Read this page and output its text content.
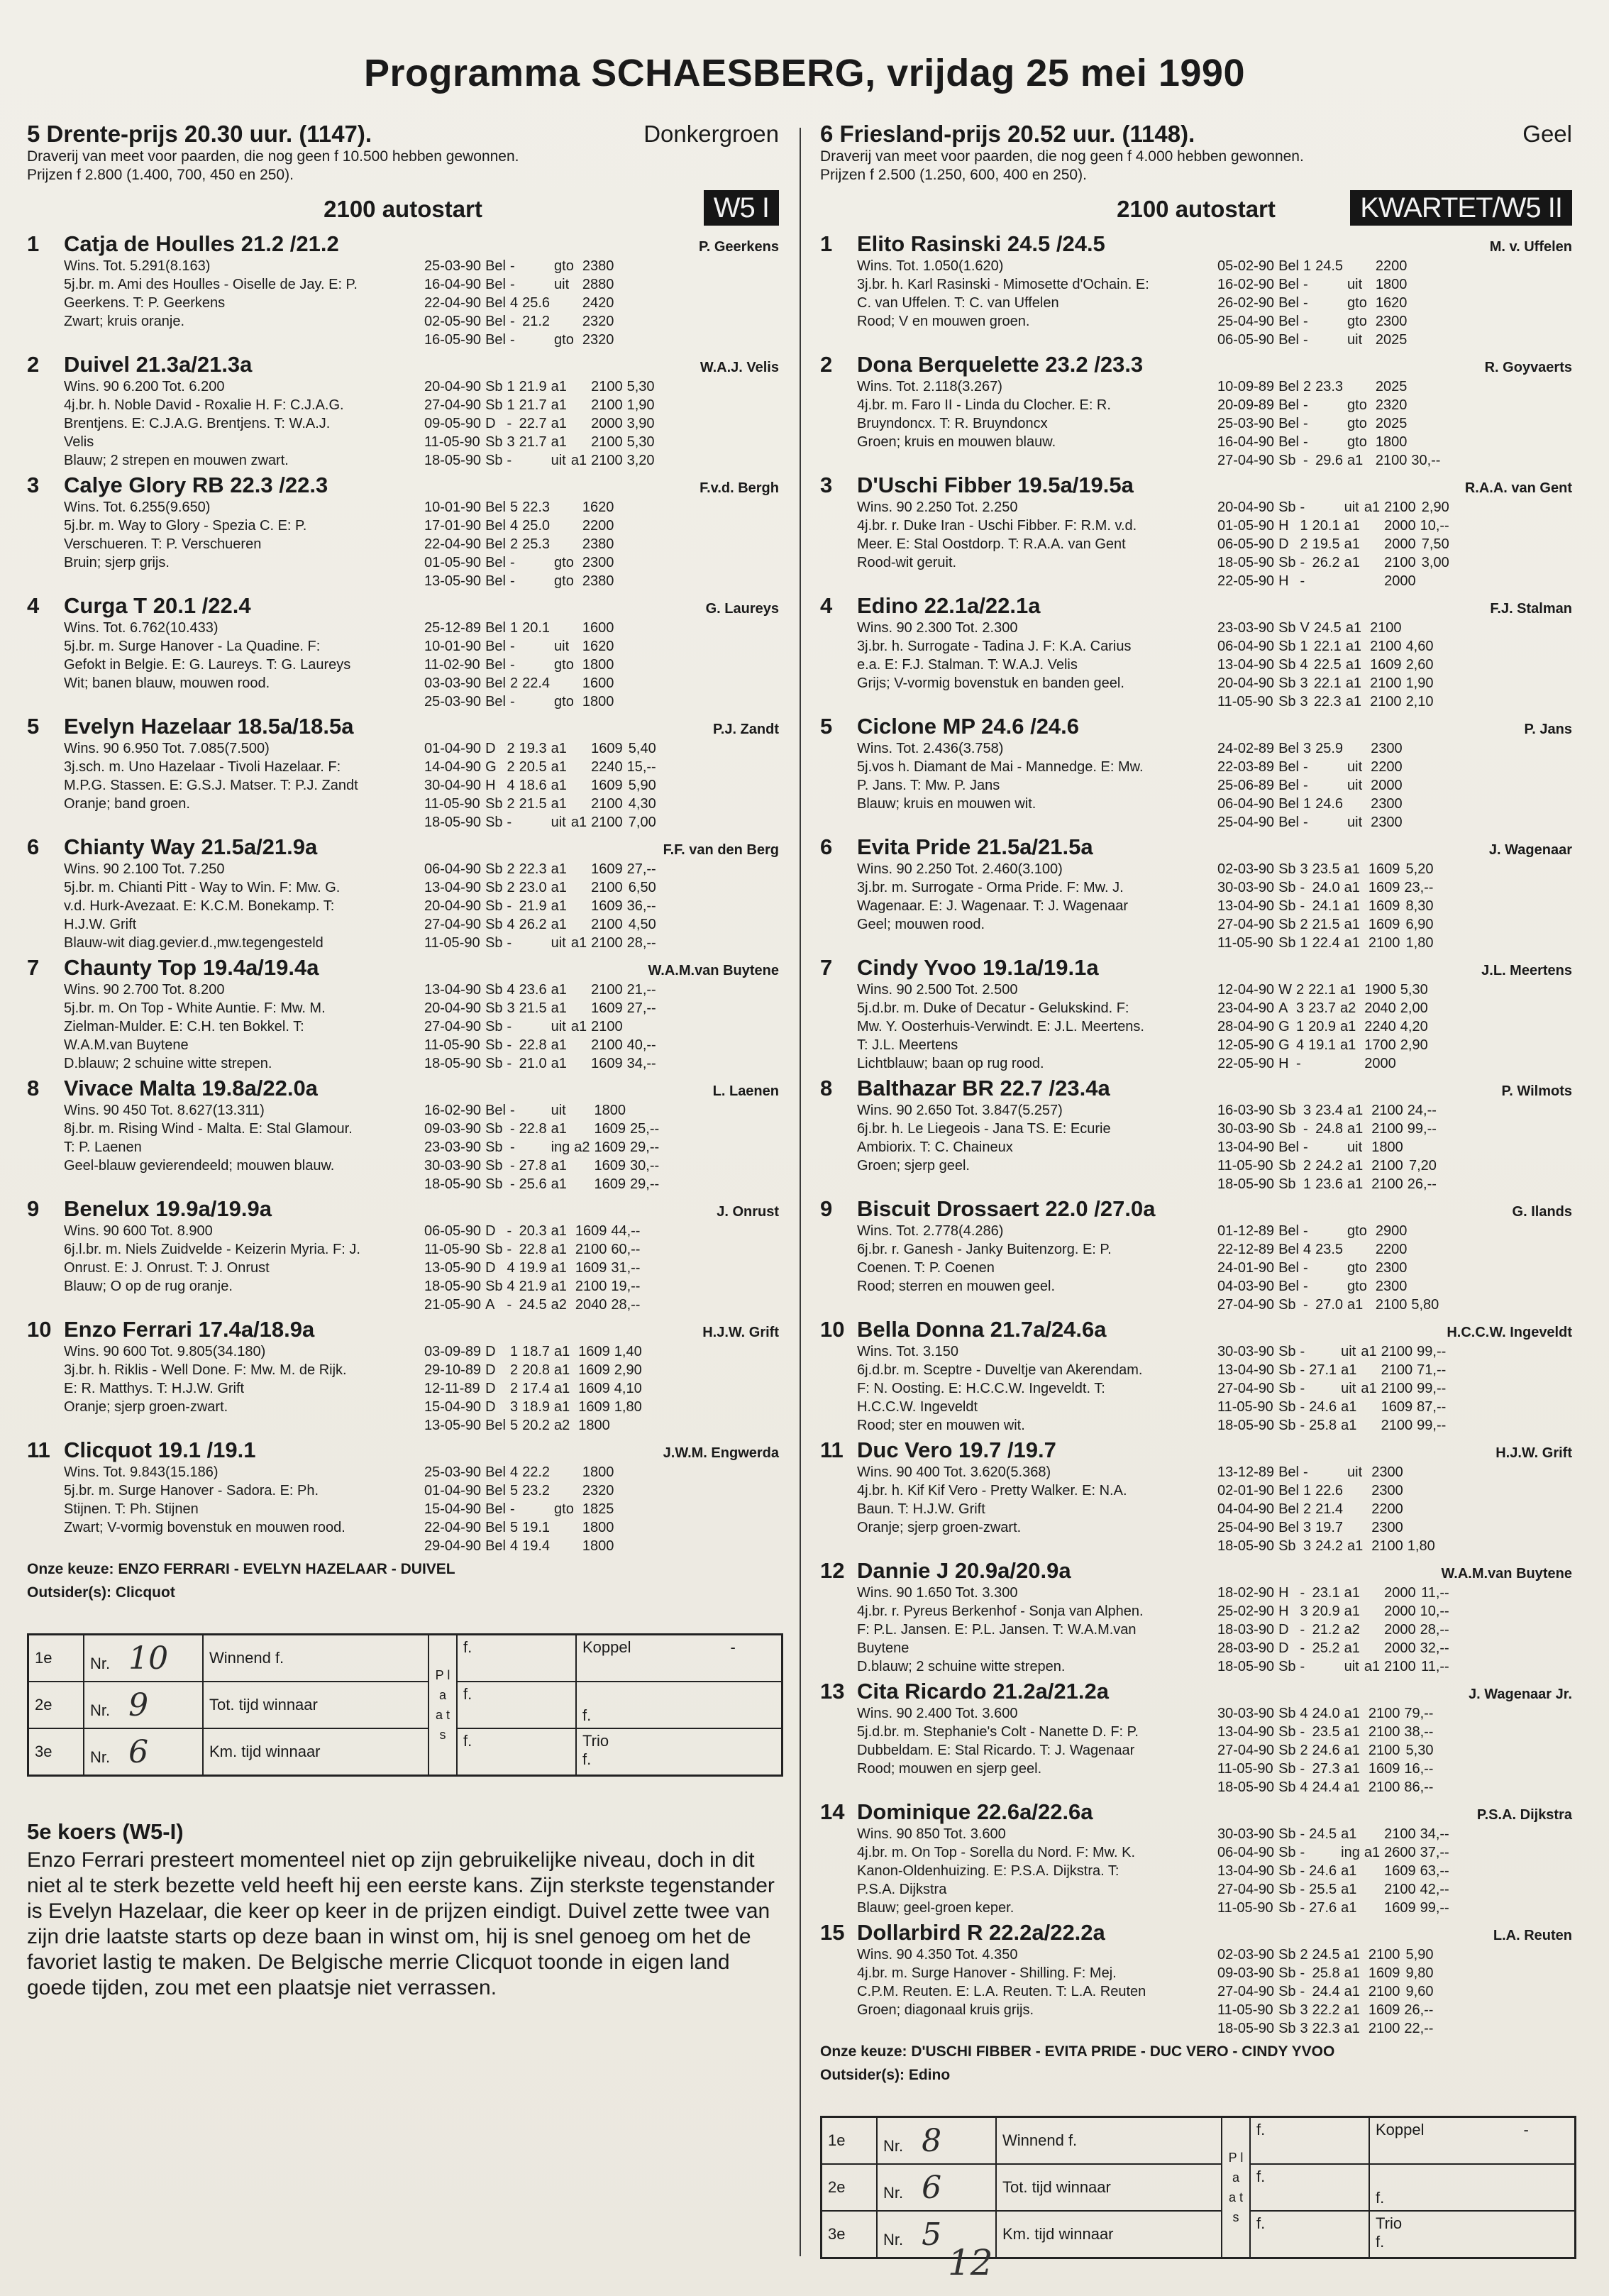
Programma SCHAESBERG, vrijdag 25 mei 1990
5 Drente-prijs 20.30 uur. (1147).	Donkergroen
Draverij van meet voor paarden, die nog geen f 10.500 hebben gewonnen.
Prijzen f 2.800 (1.400, 700, 450 en 250).
2100 autostart	W5 I
1	Catja de Houlles 21.2 /21.2	P. Geerkens
Wins. Tot. 5.291(8.163)
5j.br. m. Ami des Houlles - Oiselle de Jay. E: P.
Geerkens. T: P. Geerkens
Zwart; kruis oranje.
25-03-90	Bel	-		gto		2380	
16-04-90	Bel	-		uit		2880	
22-04-90	Bel	4	25.6			2420	
02-05-90	Bel	-	21.2			2320	
16-05-90	Bel	-		gto		2320	
2	Duivel 21.3a/21.3a	W.A.J. Velis
Wins. 90 6.200 Tot. 6.200
4j.br. h. Noble David - Roxalie H. F: C.J.A.G.
Brentjens. E: C.J.A.G. Brentjens. T: W.A.J.
Velis
Blauw; 2 strepen en mouwen zwart.
20-04-90	Sb	1	21.9	a1		2100	5,30
27-04-90	Sb	1	21.7	a1		2100	1,90
09-05-90	D	-	22.7	a1		2000	3,90
11-05-90	Sb	3	21.7	a1		2100	5,30
18-05-90	Sb	-		uit	a1	2100	3,20
3	Calye Glory RB 22.3 /22.3	F.v.d. Bergh
Wins. Tot. 6.255(9.650)
5j.br. m. Way to Glory - Spezia C. E: P.
Verschueren. T: P. Verschueren
Bruin; sjerp grijs.
10-01-90	Bel	5	22.3			1620	
17-01-90	Bel	4	25.0			2200	
22-04-90	Bel	2	25.3			2380	
01-05-90	Bel	-		gto		2300	
13-05-90	Bel	-		gto		2380	
4	Curga T 20.1 /22.4	G. Laureys
Wins. Tot. 6.762(10.433)
5j.br. m. Surge Hanover - La Quadine. F:
Gefokt in Belgie. E: G. Laureys. T: G. Laureys
Wit; banen blauw, mouwen rood.
25-12-89	Bel	1	20.1			1600	
10-01-90	Bel	-		uit		1620	
11-02-90	Bel	-		gto		1800	
03-03-90	Bel	2	22.4			1600	
25-03-90	Bel	-		gto		1800	
5	Evelyn Hazelaar 18.5a/18.5a	P.J. Zandt
Wins. 90 6.950 Tot. 7.085(7.500)
3j.sch. m. Uno Hazelaar - Tivoli Hazelaar. F:
M.P.G. Stassen. E: G.S.J. Matser. T: P.J. Zandt
Oranje; band groen.
01-04-90	D	2	19.3	a1		1609	5,40
14-04-90	G	2	20.5	a1		2240	15,--
30-04-90	H	4	18.6	a1		1609	5,90
11-05-90	Sb	2	21.5	a1		2100	4,30
18-05-90	Sb	-		uit	a1	2100	7,00
6	Chianty Way 21.5a/21.9a	F.F. van den Berg
Wins. 90 2.100 Tot. 7.250
5j.br. m. Chianti Pitt - Way to Win. F: Mw. G.
v.d. Hurk-Avezaat. E: K.C.M. Bonekamp. T:
H.J.W. Grift
Blauw-wit diag.gevier.d.,mw.tegengesteld
06-04-90	Sb	2	22.3	a1		1609	27,--
13-04-90	Sb	2	23.0	a1		2100	6,50
20-04-90	Sb	-	21.9	a1		1609	36,--
27-04-90	Sb	4	26.2	a1		2100	4,50
11-05-90	Sb	-		uit	a1	2100	28,--
7	Chaunty Top 19.4a/19.4a	W.A.M.van Buytene
Wins. 90 2.700 Tot. 8.200
5j.br. m. On Top - White Auntie. F: Mw. M.
Zielman-Mulder. E: C.H. ten Bokkel. T:
W.A.M.van Buytene
D.blauw; 2 schuine witte strepen.
13-04-90	Sb	4	23.6	a1		2100	21,--
20-04-90	Sb	3	21.5	a1		1609	27,--
27-04-90	Sb	-		uit	a1	2100	
11-05-90	Sb	-	22.8	a1		2100	40,--
18-05-90	Sb	-	21.0	a1		1609	34,--
8	Vivace Malta 19.8a/22.0a	L. Laenen
Wins. 90 450 Tot. 8.627(13.311)
8j.br. m. Rising Wind - Malta. E: Stal Glamour.
T: P. Laenen
Geel-blauw gevierendeeld; mouwen blauw.
16-02-90	Bel	-		uit		1800	
09-03-90	Sb	-	22.8	a1		1609	25,--
23-03-90	Sb	-		ing	a2	1609	29,--
30-03-90	Sb	-	27.8	a1		1609	30,--
18-05-90	Sb	-	25.6	a1		1609	29,--
9	Benelux 19.9a/19.9a	J. Onrust
Wins. 90 600 Tot. 8.900
6j.l.br. m. Niels Zuidvelde - Keizerin Myria. F: J.
Onrust. E: J. Onrust. T: J. Onrust
Blauw; O op de rug oranje.
06-05-90	D	-	20.3	a1		1609	44,--
11-05-90	Sb	-	22.8	a1		2100	60,--
13-05-90	D	4	19.9	a1		1609	31,--
18-05-90	Sb	4	21.9	a1		2100	19,--
21-05-90	A	-	24.5	a2		2040	28,--
10 Enzo Ferrari 17.4a/18.9a	H.J.W. Grift
Wins. 90 600 Tot. 9.805(34.180)
3j.br. h. Riklis - Well Done. F: Mw. M. de Rijk.
E: R. Matthys. T: H.J.W. Grift
Oranje; sjerp groen-zwart.
03-09-89	D	1	18.7	a1		1609	1,40
29-10-89	D	2	20.8	a1		1609	2,90
12-11-89	D	2	17.4	a1		1609	4,10
15-04-90	D	3	18.9	a1		1609	1,80
13-05-90	Bel	5	20.2	a2		1800	
11 Clicquot 19.1 /19.1	J.W.M. Engwerda
Wins. Tot. 9.843(15.186)
5j.br. m. Surge Hanover - Sadora. E: Ph.
Stijnen. T: Ph. Stijnen
Zwart; V-vormig bovenstuk en mouwen rood.
25-03-90	Bel	4	22.2			1800	
01-04-90	Bel	5	23.2			2320	
15-04-90	Bel	-		gto		1825	
22-04-90	Bel	5	19.1			1800	
29-04-90	Bel	4	19.4			1800	
Onze keuze: ENZO FERRARI - EVELYN HAZELAAR - DUIVEL
Outsider(s): Clicquot
1e	Nr. 10	Winnend f.	P l a a t s	f.	Koppel -
2e	Nr. 9	Tot. tijd winnaar		f.	f.
3e	Nr. 6	Km. tijd winnaar		f.	Trio
f.
5e koers (W5-I)

Enzo Ferrari presteert momenteel niet op zijn gebruikelijke niveau, doch in dit niet al te sterk bezette veld heeft hij een eerste kans. Zijn sterkste tegenstander is Evelyn Hazelaar, die keer op keer in de prijzen eindigt. Duivel zette twee van zijn drie laatste starts op deze baan in winst om, hij is snel genoeg om het de favoriet lastig te maken. De Belgische merrie Clicquot toonde in eigen land goede tijden, zou met een plaatsje niet verrassen.

6 Friesland-prijs 20.52 uur. (1148).	Geel
Draverij van meet voor paarden, die nog geen f 4.000 hebben gewonnen.
Prijzen f 2.500 (1.250, 600, 400 en 250).
2100 autostart	KWARTET/W5 II
1	Elito Rasinski 24.5 /24.5	M. v. Uffelen
Wins. Tot. 1.050(1.620)
3j.br. h. Karl Rasinski - Mimosette d'Ochain. E:
C. van Uffelen. T: C. van Uffelen
Rood; V en mouwen groen.
05-02-90	Bel	1	24.5			2200	
16-02-90	Bel	-		uit		1800	
26-02-90	Bel	-		gto		1620	
25-04-90	Bel	-		gto		2300	
06-05-90	Bel	-		uit		2025	
2	Dona Berquelette 23.2 /23.3	R. Goyvaerts
Wins. Tot. 2.118(3.267)
4j.br. m. Faro II - Linda du Clocher. E: R.
Bruyndoncx. T: R. Bruyndoncx
Groen; kruis en mouwen blauw.
10-09-89	Bel	2	23.3			2025	
20-09-89	Bel	-		gto		2320	
25-03-90	Bel	-		gto		2025	
16-04-90	Bel	-		gto		1800	
27-04-90	Sb	-	29.6	a1		2100	30,--
3	D'Uschi Fibber 19.5a/19.5a	R.A.A. van Gent
Wins. 90 2.250 Tot. 2.250
4j.br. r. Duke Iran - Uschi Fibber. F: R.M. v.d.
Meer. E: Stal Oostdorp. T: R.A.A. van Gent
Rood-wit geruit.
20-04-90	Sb	-		uit	a1	2100	2,90
01-05-90	H	1	20.1	a1		2000	10,--
06-05-90	D	2	19.5	a1		2000	7,50
18-05-90	Sb	-	26.2	a1		2100	3,00
22-05-90	H	-				2000	
4	Edino 22.1a/22.1a	F.J. Stalman
Wins. 90 2.300 Tot. 2.300
3j.br. h. Surrogate - Tadina J. F: K.A. Carius
e.a. E: F.J. Stalman. T: W.A.J. Velis
Grijs; V-vormig bovenstuk en banden geel.
23-03-90	Sb	V	24.5	a1		2100	
06-04-90	Sb	1	22.1	a1		2100	4,60
13-04-90	Sb	4	22.5	a1		1609	2,60
20-04-90	Sb	3	22.1	a1		2100	1,90
11-05-90	Sb	3	22.3	a1		2100	2,10
5	Ciclone MP 24.6 /24.6	P. Jans
Wins. Tot. 2.436(3.758)
5j.vos h. Diamant de Mai - Mannedge. E: Mw.
P. Jans. T: Mw. P. Jans
Blauw; kruis en mouwen wit.
24-02-89	Bel	3	25.9			2300	
22-03-89	Bel	-		uit		2200	
25-06-89	Bel	-		uit		2000	
06-04-90	Bel	1	24.6			2300	
25-04-90	Bel	-		uit		2300	
6	Evita Pride 21.5a/21.5a	J. Wagenaar
Wins. 90 2.250 Tot. 2.460(3.100)
3j.br. m. Surrogate - Orma Pride. F: Mw. J.
Wagenaar. E: J. Wagenaar. T: J. Wagenaar
Geel; mouwen rood.
02-03-90	Sb	3	23.5	a1		1609	5,20
30-03-90	Sb	-	24.0	a1		1609	23,--
13-04-90	Sb	-	24.1	a1		1609	8,30
27-04-90	Sb	2	21.5	a1		1609	6,90
11-05-90	Sb	1	22.4	a1		2100	1,80
7	Cindy Yvoo 19.1a/19.1a	J.L. Meertens
Wins. 90 2.500 Tot. 2.500
5j.d.br. m. Duke of Decatur - Gelukskind. F:
Mw. Y. Oosterhuis-Verwindt. E: J.L. Meertens.
T: J.L. Meertens
Lichtblauw; baan op rug rood.
12-04-90	W	2	22.1	a1		1900	5,30
23-04-90	A	3	23.7	a2		2040	2,00
28-04-90	G	1	20.9	a1		2240	4,20
12-05-90	G	4	19.1	a1		1700	2,90
22-05-90	H	-				2000	
8	Balthazar BR 22.7 /23.4a	P. Wilmots
Wins. 90 2.650 Tot. 3.847(5.257)
6j.br. h. Le Liegeois - Jana TS. E: Ecurie
Ambiorix. T: C. Chaineux
Groen; sjerp geel.
16-03-90	Sb	3	23.4	a1		2100	24,--
30-03-90	Sb	-	24.8	a1		2100	99,--
13-04-90	Bel	-		uit		1800	
11-05-90	Sb	2	24.2	a1		2100	7,20
18-05-90	Sb	1	23.6	a1		2100	26,--
9	Biscuit Drossaert 22.0 /27.0a	G. Ilands
Wins. Tot. 2.778(4.286)
6j.br. r. Ganesh - Janky Buitenzorg. E: P.
Coenen. T: P. Coenen
Rood; sterren en mouwen geel.
01-12-89	Bel	-		gto		2900	
22-12-89	Bel	4	23.5			2200	
24-01-90	Bel	-		gto		2300	
04-03-90	Bel	-		gto		2300	
27-04-90	Sb	-	27.0	a1		2100	5,80
10 Bella Donna 21.7a/24.6a	H.C.C.W. Ingeveldt
Wins. Tot. 3.150
6j.d.br. m. Sceptre - Duveltje van Akerendam.
F: N. Oosting. E: H.C.C.W. Ingeveldt. T:
H.C.C.W. Ingeveldt
Rood; ster en mouwen wit.
30-03-90	Sb	-		uit	a1	2100	99,--
13-04-90	Sb	-	27.1	a1		2100	71,--
27-04-90	Sb	-		uit	a1	2100	99,--
11-05-90	Sb	-	24.6	a1		1609	87,--
18-05-90	Sb	-	25.8	a1		2100	99,--
11 Duc Vero 19.7 /19.7	H.J.W. Grift
Wins. 90 400 Tot. 3.620(5.368)
4j.br. h. Kif Kif Vero - Pretty Walker. E: N.A.
Baun. T: H.J.W. Grift
Oranje; sjerp groen-zwart.
13-12-89	Bel	-		uit		2300	
02-01-90	Bel	1	22.6			2300	
04-04-90	Bel	2	21.4			2200	
25-04-90	Bel	3	19.7			2300	
18-05-90	Sb	3	24.2	a1		2100	1,80
12 Dannie J 20.9a/20.9a	W.A.M.van Buytene
Wins. 90 1.650 Tot. 3.300
4j.br. r. Pyreus Berkenhof - Sonja van Alphen.
F: P.L. Jansen. E: P.L. Jansen. T: W.A.M.van
Buytene
D.blauw; 2 schuine witte strepen.
18-02-90	H	-	23.1	a1		2000	11,--
25-02-90	H	3	20.9	a1		2000	10,--
18-03-90	D	-	21.2	a2		2000	28,--
28-03-90	D	-	25.2	a1		2000	32,--
18-05-90	Sb	-		uit	a1	2100	11,--
13 Cita Ricardo 21.2a/21.2a	J. Wagenaar Jr.
Wins. 90 2.400 Tot. 3.600
5j.d.br. m. Stephanie's Colt - Nanette D. F: P.
Dubbeldam. E: Stal Ricardo. T: J. Wagenaar
Rood; mouwen en sjerp geel.
30-03-90	Sb	4	24.0	a1		2100	79,--
13-04-90	Sb	-	23.5	a1		2100	38,--
27-04-90	Sb	2	24.6	a1		2100	5,30
11-05-90	Sb	-	27.3	a1		1609	16,--
18-05-90	Sb	4	24.4	a1		2100	86,--
14 Dominique 22.6a/22.6a	P.S.A. Dijkstra
Wins. 90 850 Tot. 3.600
4j.br. m. On Top - Sorella du Nord. F: Mw. K.
Kanon-Oldenhuizing. E: P.S.A. Dijkstra. T:
P.S.A. Dijkstra
Blauw; geel-groen keper.
30-03-90	Sb	-	24.5	a1		2100	34,--
06-04-90	Sb	-		ing	a1	2600	37,--
13-04-90	Sb	-	24.6	a1		1609	63,--
27-04-90	Sb	-	25.5	a1		2100	42,--
11-05-90	Sb	-	27.6	a1		1609	99,--
15 Dollarbird R 22.2a/22.2a	L.A. Reuten
Wins. 90 4.350 Tot. 4.350
4j.br. m. Surge Hanover - Shilling. F: Mej.
C.P.M. Reuten. E: L.A. Reuten. T: L.A. Reuten
Groen; diagonaal kruis grijs.
02-03-90	Sb	2	24.5	a1		2100	5,90
09-03-90	Sb	-	25.8	a1		1609	9,80
27-04-90	Sb	-	24.4	a1		2100	9,60
11-05-90	Sb	3	22.2	a1		1609	26,--
18-05-90	Sb	3	22.3	a1		2100	22,--
Onze keuze: D'USCHI FIBBER - EVITA PRIDE - DUC VERO - CINDY YVOO
Outsider(s): Edino
1e	Nr. 8	Winnend f.	P l a a t s	f.	Koppel -
2e	Nr. 6	Tot. tijd winnaar		f.	f.
3e	Nr. 5	Km. tijd winnaar		f.	Trio
f.
12
